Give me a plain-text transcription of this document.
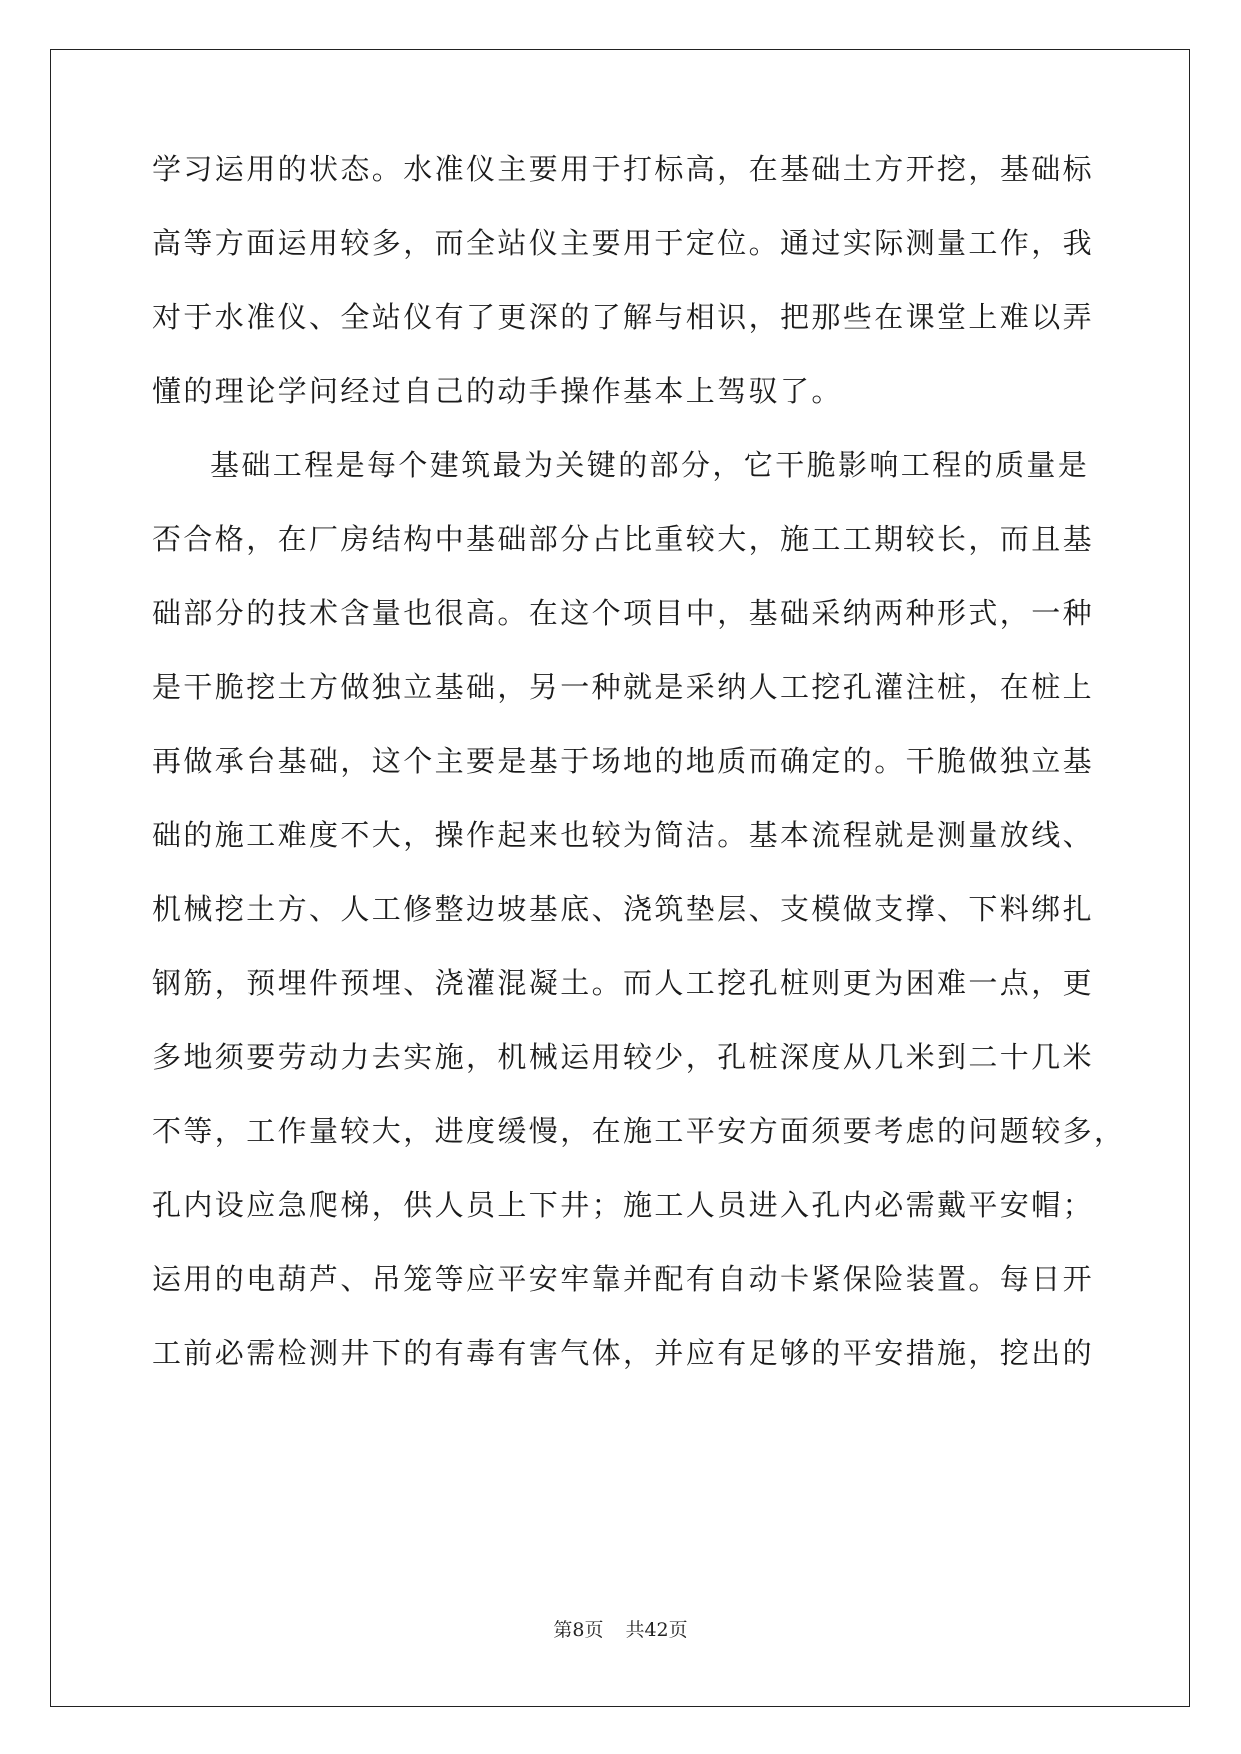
学习运用的状态。水准仪主要用于打标高，在基础土方开挖，基础标
高等方面运用较多，而全站仪主要用于定位。通过实际测量工作，我
对于水准仪、全站仪有了更深的了解与相识，把那些在课堂上难以弄
懂的理论学问经过自己的动手操作基本上驾驭了。
基础工程是每个建筑最为关键的部分，它干脆影响工程的质量是
否合格，在厂房结构中基础部分占比重较大，施工工期较长，而且基
础部分的技术含量也很高。在这个项目中，基础采纳两种形式，一种
是干脆挖土方做独立基础，另一种就是采纳人工挖孔灌注桩，在桩上
再做承台基础，这个主要是基于场地的地质而确定的。干脆做独立基
础的施工难度不大，操作起来也较为简洁。基本流程就是测量放线、
机械挖土方、人工修整边坡基底、浇筑垫层、支模做支撑、下料绑扎
钢筋，预埋件预埋、浇灌混凝土。而人工挖孔桩则更为困难一点，更
多地须要劳动力去实施，机械运用较少，孔桩深度从几米到二十几米
不等，工作量较大，进度缓慢，在施工平安方面须要考虑的问题较多，
孔内设应急爬梯，供人员上下井；施工人员进入孔内必需戴平安帽；
运用的电葫芦、吊笼等应平安牢靠并配有自动卡紧保险装置。每日开
工前必需检测井下的有毒有害气体，并应有足够的平安措施，挖出的
第8页 共42页
